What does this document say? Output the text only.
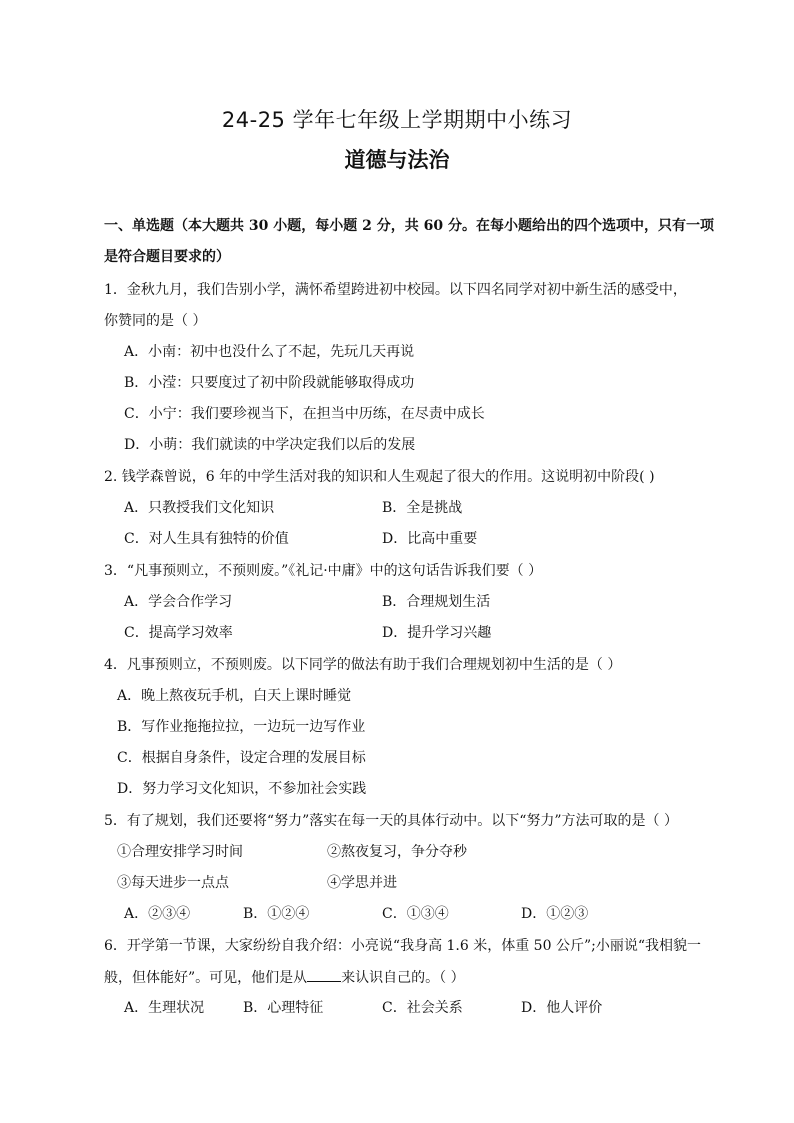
24-25 学年七年级上学期期中小练习
道德与法治
一、单选题（本大题共 30 小题，每小题 2 分，共 60 分。在每小题给出的四个选项中，只有一项
是符合题目要求的）
1．金秋九月，我们告别小学，满怀希望跨进初中校园。以下四名同学对初中新生活的感受中，
你赞同的是（ ）
A．小南：初中也没什么了不起，先玩几天再说
B．小滢：只要度过了初中阶段就能够取得成功
C．小宁：我们要珍视当下，在担当中历练，在尽责中成长
D．小萌：我们就读的中学决定我们以后的发展
2. 钱学森曾说，6 年的中学生活对我的知识和人生观起了很大的作用。这说明初中阶段( )
A．只教授我们文化知识	B．全是挑战
C．对人生具有独特的价值	D．比高中重要
3．“凡事预则立，不预则废。”《礼记·中庸》中的这句话告诉我们要（ ）
A．学会合作学习	B．合理规划生活
C．提高学习效率	D．提升学习兴趣
4．凡事预则立，不预则废。以下同学的做法有助于我们合理规划初中生活的是（ ）
A．晚上熬夜玩手机，白天上课时睡觉
B．写作业拖拖拉拉，一边玩一边写作业
C．根据自身条件，设定合理的发展目标
D．努力学习文化知识，不参加社会实践
5．有了规划，我们还要将“努力”落实在每一天的具体行动中。以下“努力”方法可取的是（ ）
①合理安排学习时间	②熬夜复习，争分夺秒
③每天进步一点点	④学思并进
A．②③④	B．①②④	C．①③④	D．①②③
6．开学第一节课，大家纷纷自我介绍：小亮说“我身高 1.6 米，体重 50 公斤”;小丽说“我相貌一
般，但体能好”。可见，他们是从 来认识自己的。（ ）
A．生理状况	B．心理特征	C．社会关系	D．他人评价
